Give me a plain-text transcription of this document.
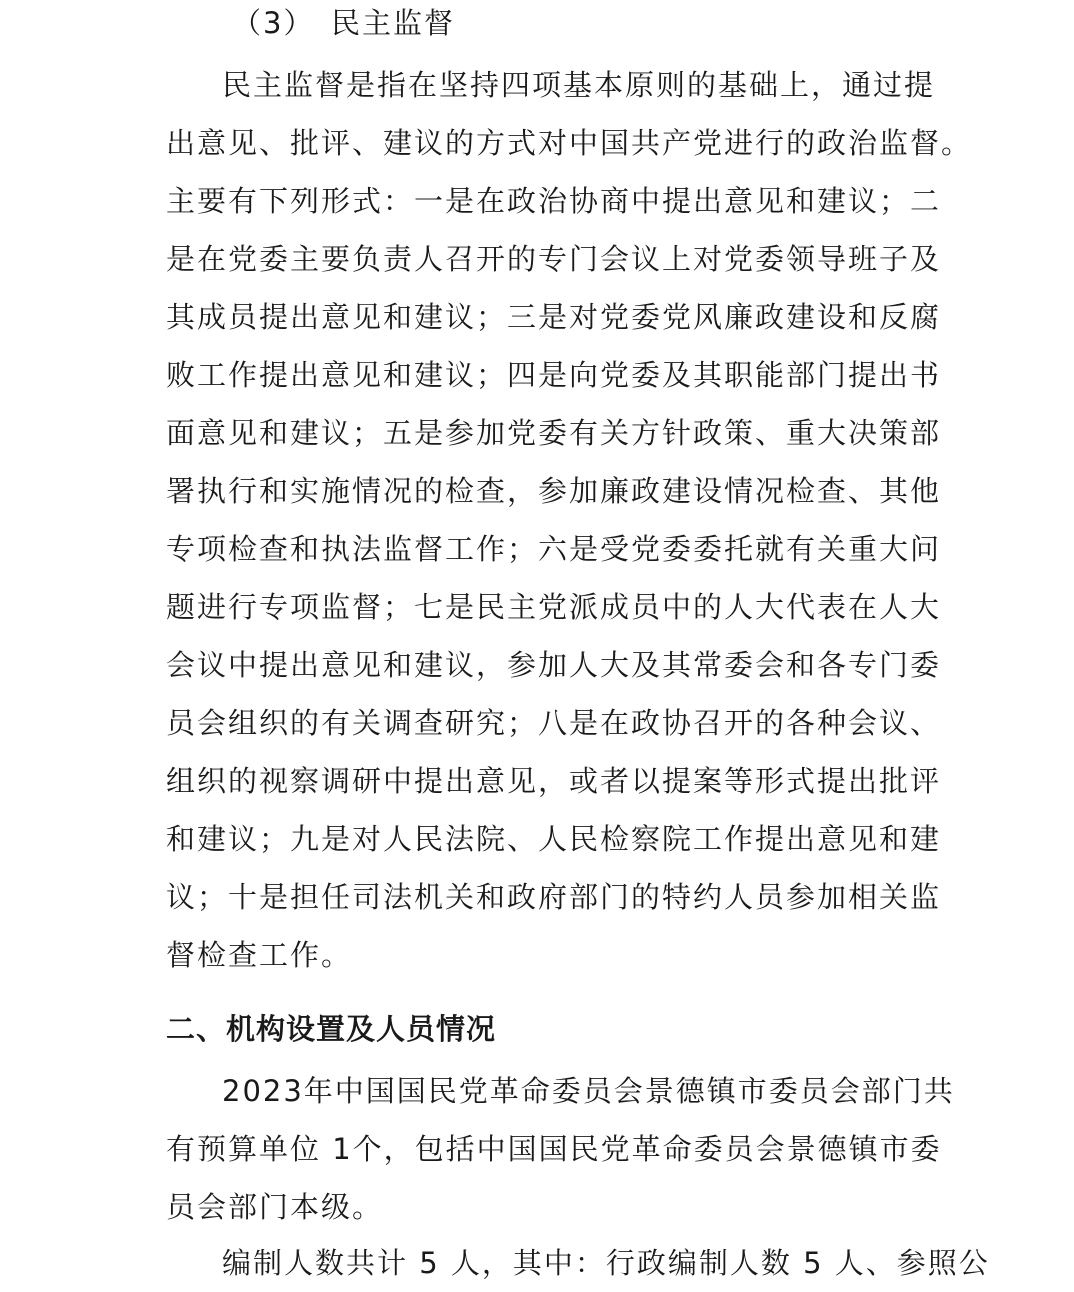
（3）　民主监督
民主监督是指在坚持四项基本原则的基础上，通过提
出意见、批评、建议的方式对中国共产党进行的政治监督。
主要有下列形式：一是在政治协商中提出意见和建议；二
是在党委主要负责人召开的专门会议上对党委领导班子及
其成员提出意见和建议；三是对党委党风廉政建设和反腐
败工作提出意见和建议；四是向党委及其职能部门提出书
面意见和建议；五是参加党委有关方针政策、重大决策部
署执行和实施情况的检查，参加廉政建设情况检查、其他
专项检查和执法监督工作；六是受党委委托就有关重大问
题进行专项监督；七是民主党派成员中的人大代表在人大
会议中提出意见和建议，参加人大及其常委会和各专门委
员会组织的有关调查研究；八是在政协召开的各种会议、
组织的视察调研中提出意见，或者以提案等形式提出批评
和建议；九是对人民法院、人民检察院工作提出意见和建
议；十是担任司法机关和政府部门的特约人员参加相关监
督检查工作。
二、机构设置及人员情况
2023年中国国民党革命委员会景德镇市委员会部门共
有预算单位 1个，包括中国国民党革命委员会景德镇市委
员会部门本级。
编制人数共计 5 人，其中：行政编制人数 5 人、参照公
